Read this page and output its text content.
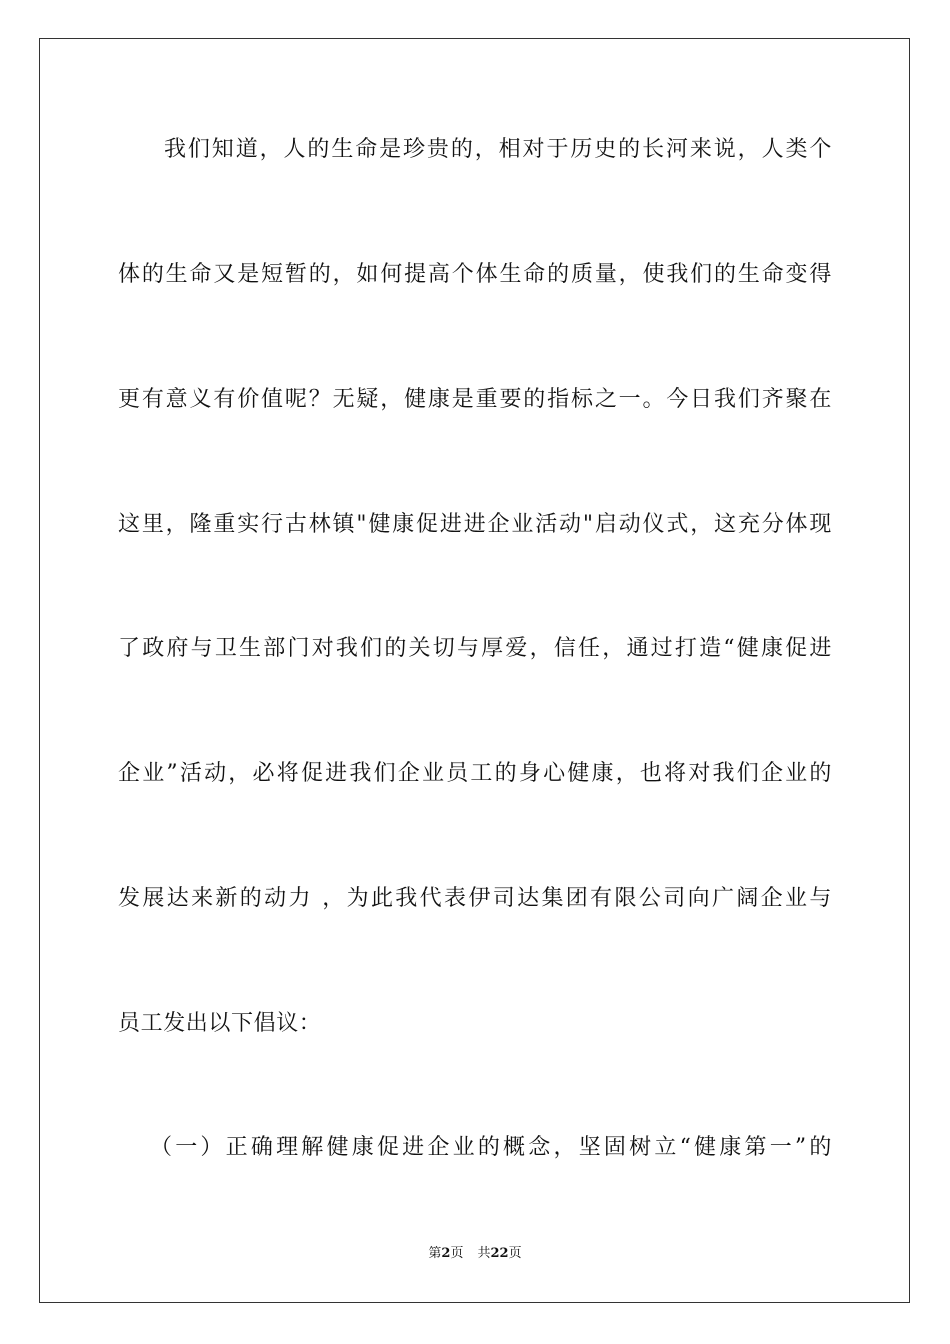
我们知道，人的生命是珍贵的，相对于历史的长河来说，人类个
体的生命又是短暂的，如何提高个体生命的质量，使我们的生命变得
更有意义有价值呢？无疑，健康是重要的指标之一。今日我们齐聚在
这里，隆重实行古林镇"健康促进进企业活动"启动仪式，这充分体现
了政府与卫生部门对我们的关切与厚爱，信任，通过打造“健康促进
企业”活动，必将促进我们企业员工的身心健康，也将对我们企业的
发展达来新的动力 ，为此我代表伊司达集团有限公司向广阔企业与
员工发出以下倡议：
（一）正确理解健康促进企业的概念，坚固树立“健康第一”的
第2页 共22页
